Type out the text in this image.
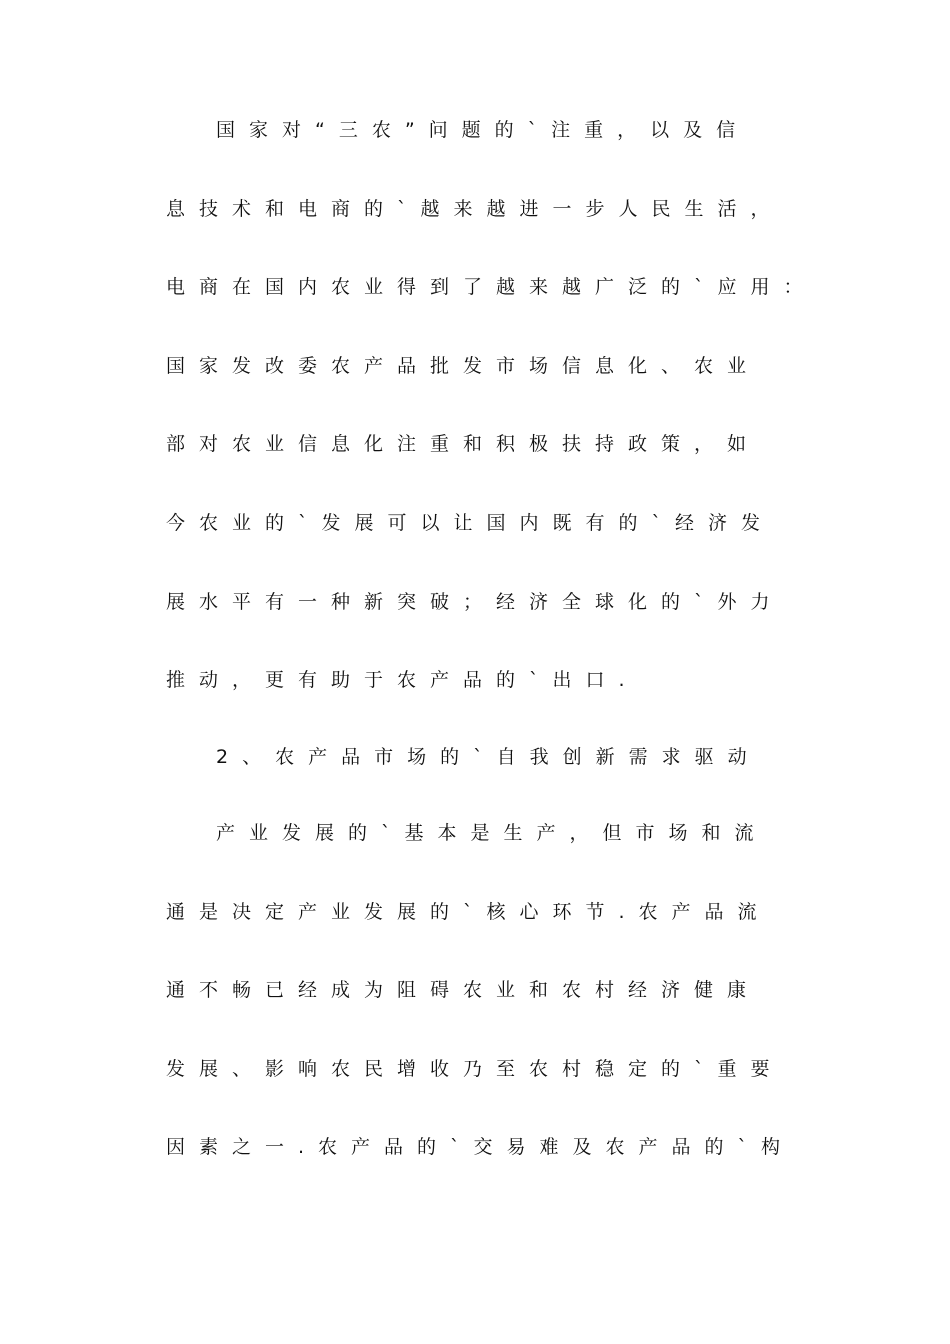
国家对“三农”问题的`注重，以及信
息技术和电商的`越来越进一步人民生活，
电商在国内农业得到了越来越广泛的`应用：
国家发改委农产品批发市场信息化、农业
部对农业信息化注重和积极扶持政策，如
今农业的`发展可以让国内既有的`经济发
展水平有一种新突破；经济全球化的`外力
推动，更有助于农产品的`出口.
2、农产品市场的`自我创新需求驱动
产业发展的`基本是生产，但市场和流
通是决定产业发展的`核心环节.农产品流
通不畅已经成为阻碍农业和农村经济健康
发展、影响农民增收乃至农村稳定的`重要
因素之一.农产品的`交易难及农产品的`构
